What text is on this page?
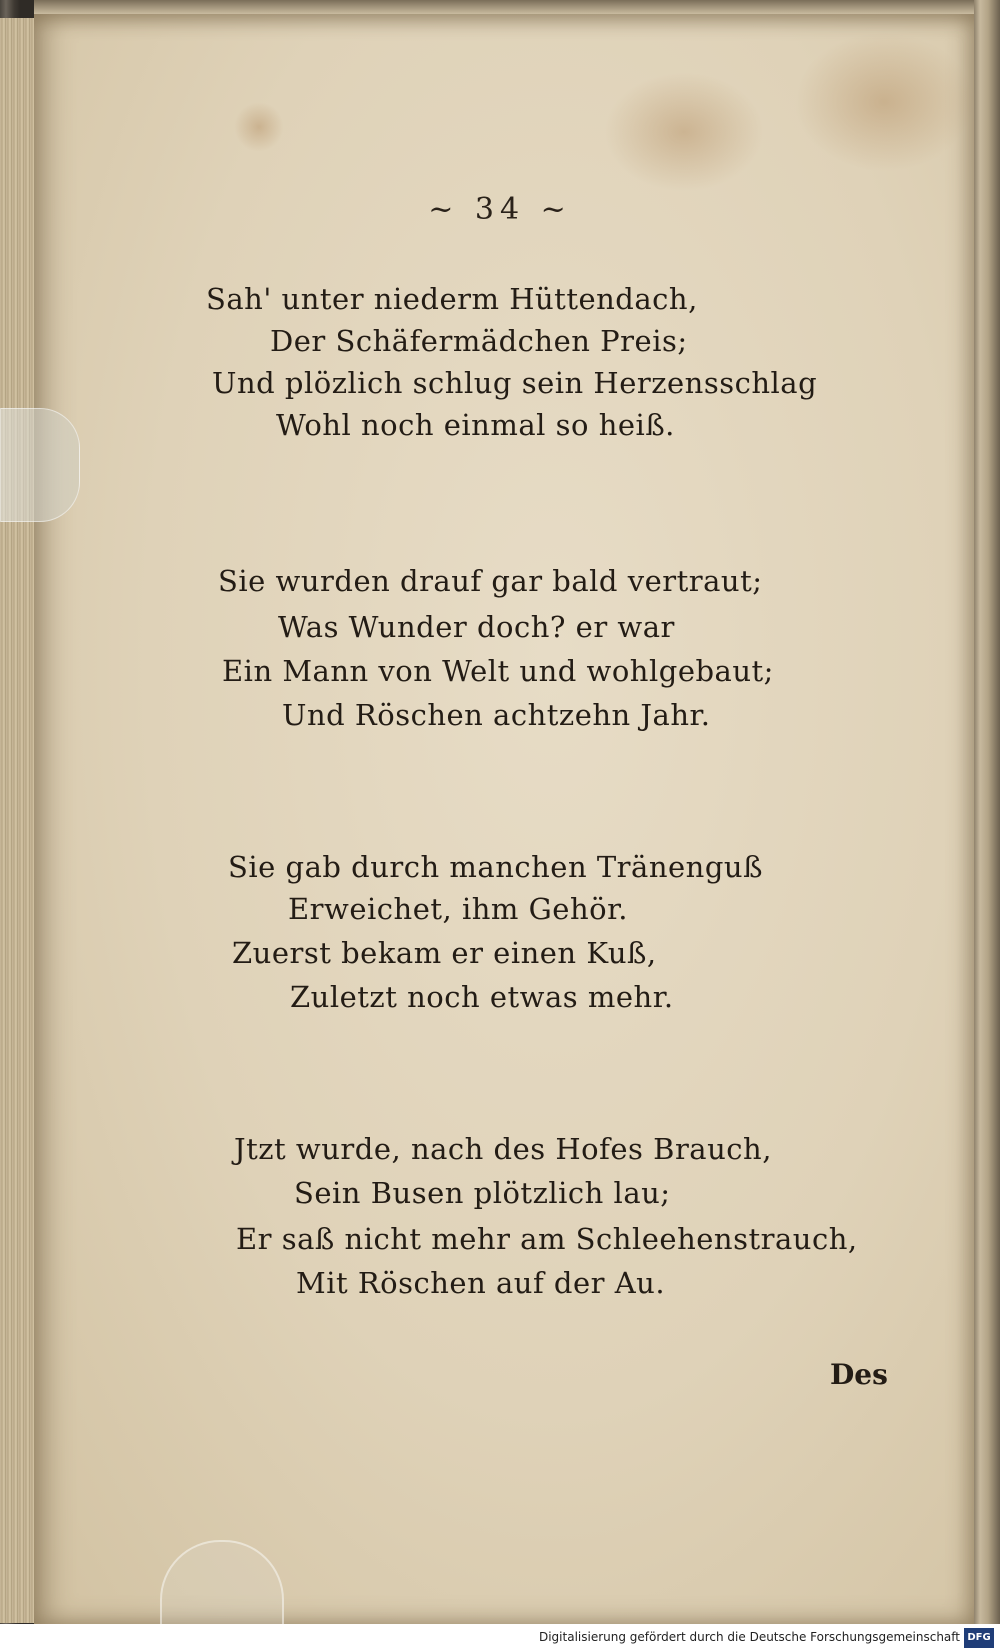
~ 34 ~
Sah' unter niederm Hüttendach,
Der Schäfermädchen Preis;
Und plözlich schlug sein Herzensschlag
Wohl noch einmal so heiß.
Sie wurden drauf gar bald vertraut;
Was Wunder doch? er war
Ein Mann von Welt und wohlgebaut;
Und Röschen achtzehn Jahr.
Sie gab durch manchen Tränenguß
Erweichet, ihm Gehör.
Zuerst bekam er einen Kuß,
Zuletzt noch etwas mehr.
Jtzt wurde, nach des Hofes Brauch,
Sein Busen plötzlich lau;
Er saß nicht mehr am Schleehenstrauch,
Mit Röschen auf der Au.
Des
Digitalisierung gefördert durch die Deutsche Forschungsgemeinschaft DFG
